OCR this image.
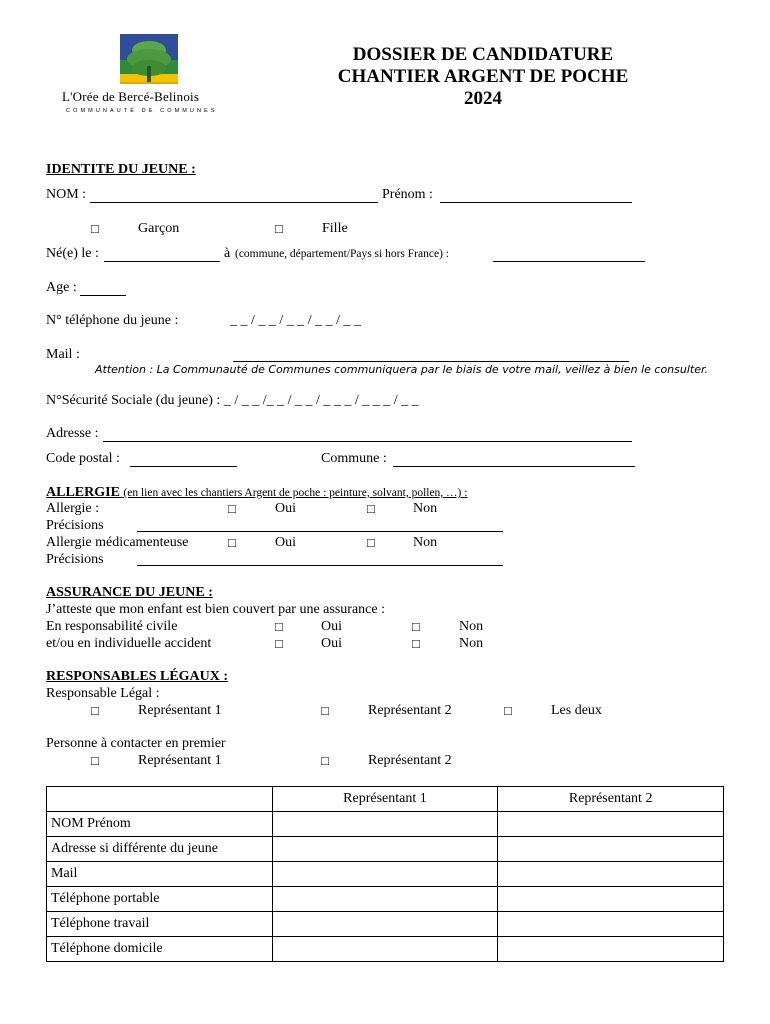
L'Orée de Bercé-Belinois
COMMUNAUTÉ DE COMMUNES
DOSSIER DE CANDIDATURE
CHANTIER ARGENT DE POCHE
2024
IDENTITE DU JEUNE :
NOM :	Prénom :
□	Garçon	□	Fille
Né(e) le :	à (commune, département/Pays si hors France) :
Age :
N° téléphone du jeune :	_ _ / _ _ / _ _ / _ _ / _ _
Mail :
Attention : La Communauté de Communes communiquera par le biais de votre mail, veillez à bien le consulter.
N°Sécurité Sociale (du jeune) : _ / _ _ /_ _ / _ _ / _ _ _ / _ _ _ / _ _
Adresse :
Code postal :	Commune :
ALLERGIE (en lien avec les chantiers Argent de poche : peinture, solvant, pollen, …) :
Allergie :	□	Oui	□	Non
Précisions
Allergie médicamenteuse	□	Oui	□	Non
Précisions
ASSURANCE DU JEUNE :
J’atteste que mon enfant est bien couvert par une assurance :
En responsabilité civile	□	Oui	□	Non
et/ou en individuelle accident	□	Oui	□	Non
RESPONSABLES LÉGAUX :
Responsable Légal :
□	Représentant 1	□	Représentant 2	□	Les deux
Personne à contacter en premier
□	Représentant 1	□	Représentant 2
	Représentant 1	Représentant 2
NOM Prénom		
Adresse si différente du jeune		
Mail		
Téléphone portable		
Téléphone travail		
Téléphone domicile		
